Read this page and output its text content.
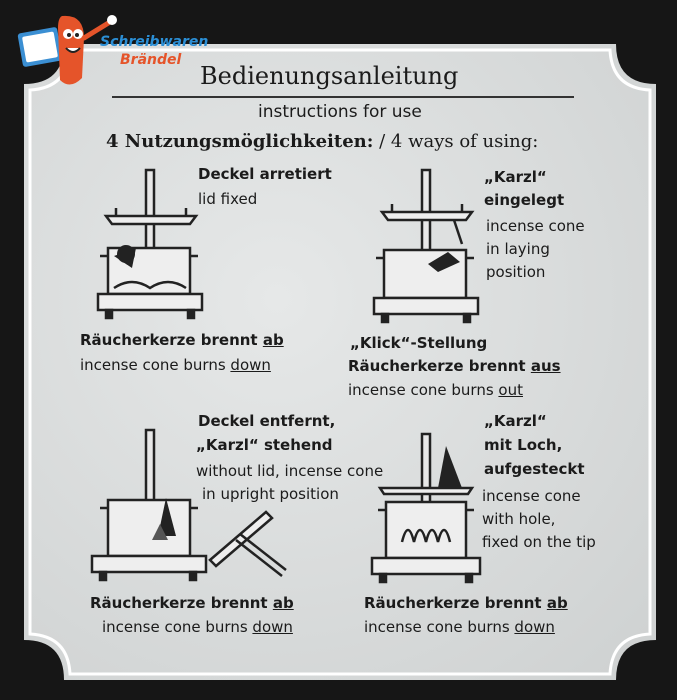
Schreibwaren
Brändel
Bedienungsanleitung
instructions for use
4 Nutzungsmöglichkeiten: / 4 ways of using:
Deckel arretiert
lid fixed
Räucherkerze brennt ab
incense cone burns down
„Karzl“
eingelegt
incense cone
in laying
position
„Klick“-Stellung
Räucherkerze brennt aus
incense cone burns out
Deckel entfernt,
„Karzl“ stehend
without lid, incense cone
in upright position
Räucherkerze brennt ab
incense cone burns down
„Karzl“
mit Loch,
aufgesteckt
incense cone
with hole,
fixed on the tip
Räucherkerze brennt ab
incense cone burns down
